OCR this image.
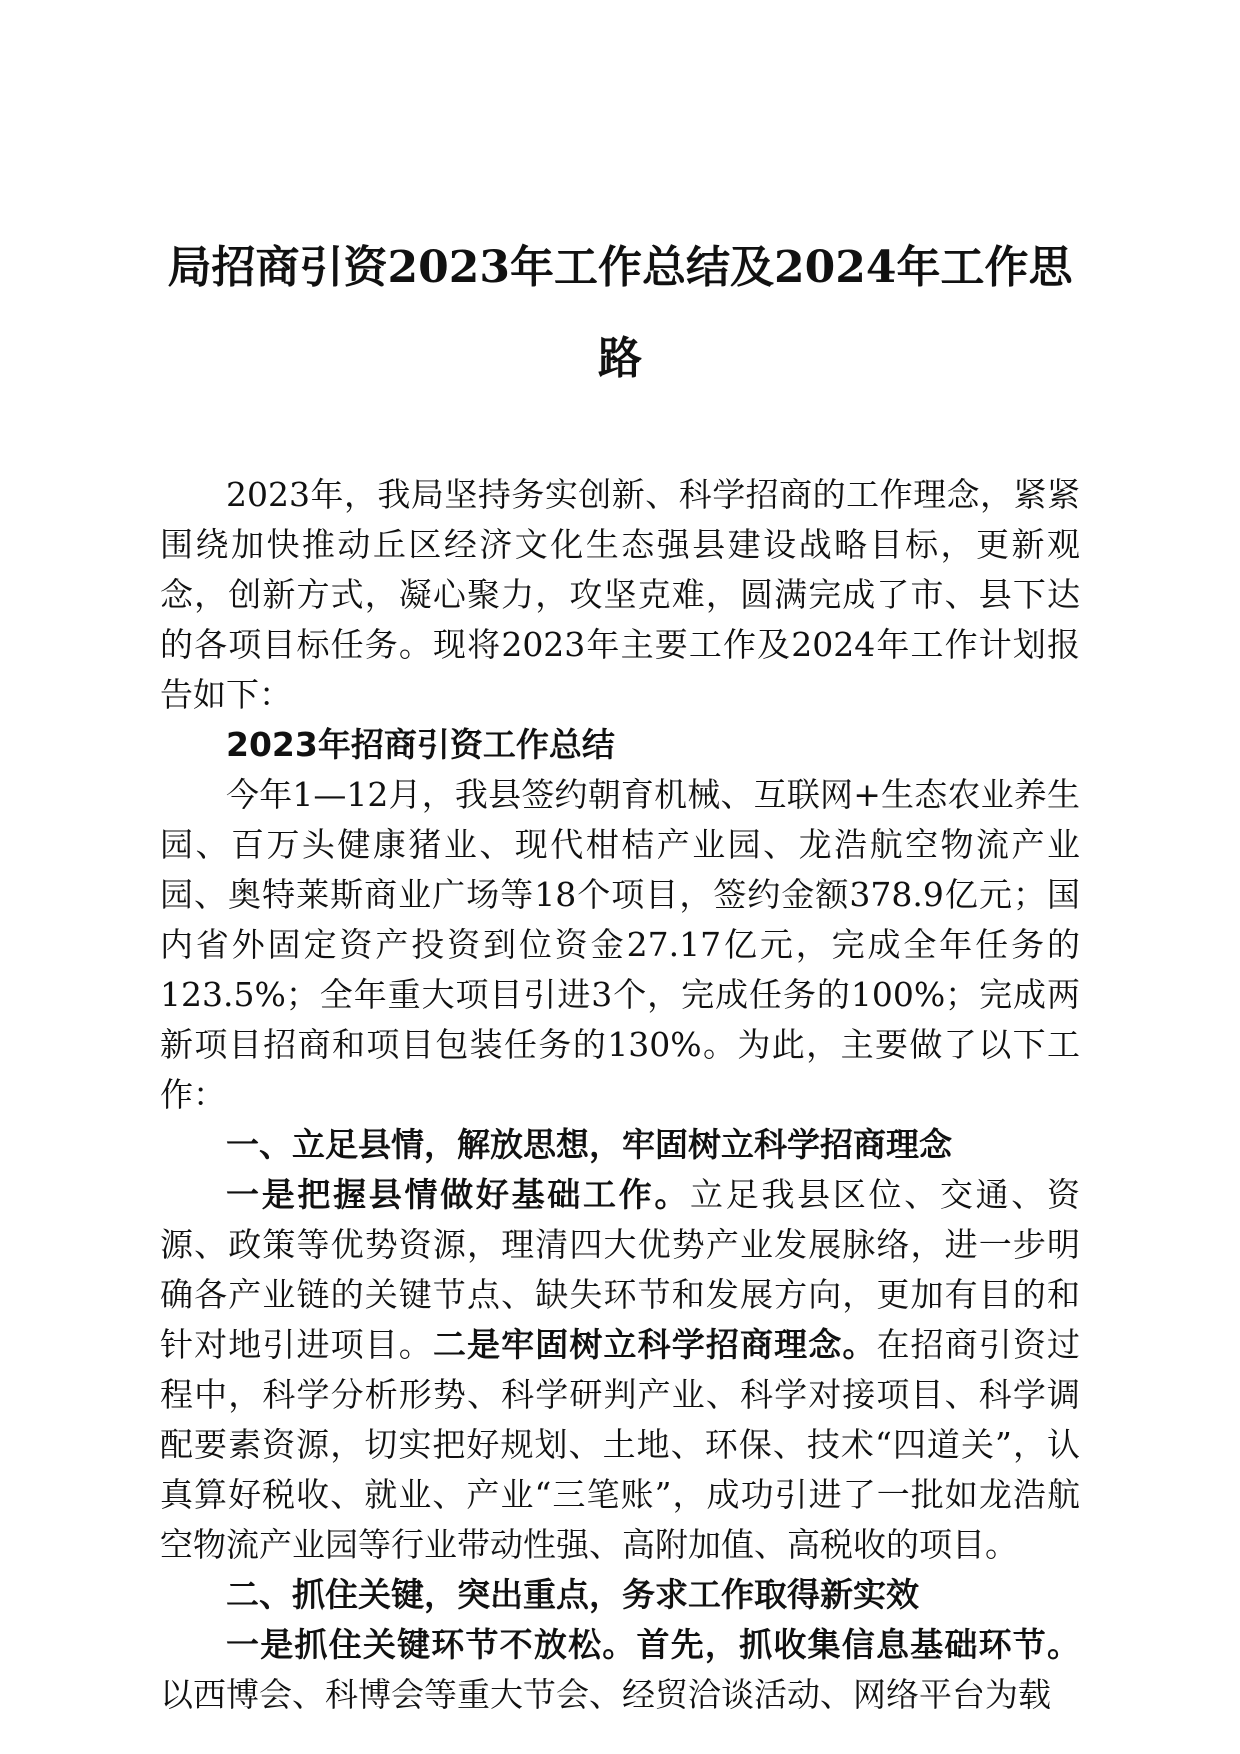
局招商引资2023年工作总结及2024年工作思路

2023年，我局坚持务实创新、科学招商的工作理念，紧紧围绕加快推动丘区经济文化生态强县建设战略目标，更新观念，创新方式，凝心聚力，攻坚克难，圆满完成了市、县下达的各项目标任务。现将2023年主要工作及2024年工作计划报告如下：

2023年招商引资工作总结

今年1—12月，我县签约朝育机械、互联网+生态农业养生园、百万头健康猪业、现代柑桔产业园、龙浩航空物流产业园、奥特莱斯商业广场等18个项目，签约金额378.9亿元；国内省外固定资产投资到位资金27.17亿元，完成全年任务的123.5%；全年重大项目引进3个，完成任务的100%；完成两新项目招商和项目包装任务的130%。为此，主要做了以下工作：

一、立足县情，解放思想，牢固树立科学招商理念

一是把握县情做好基础工作。立足我县区位、交通、资源、政策等优势资源，理清四大优势产业发展脉络，进一步明确各产业链的关键节点、缺失环节和发展方向，更加有目的和针对地引进项目。二是牢固树立科学招商理念。在招商引资过程中，科学分析形势、科学研判产业、科学对接项目、科学调配要素资源，切实把好规划、土地、环保、技术“四道关”，认真算好税收、就业、产业“三笔账”，成功引进了一批如龙浩航空物流产业园等行业带动性强、高附加值、高税收的项目。

二、抓住关键，突出重点，务求工作取得新实效

一是抓住关键环节不放松。首先，抓收集信息基础环节。以西博会、科博会等重大节会、经贸洽谈活动、网络平台为载
